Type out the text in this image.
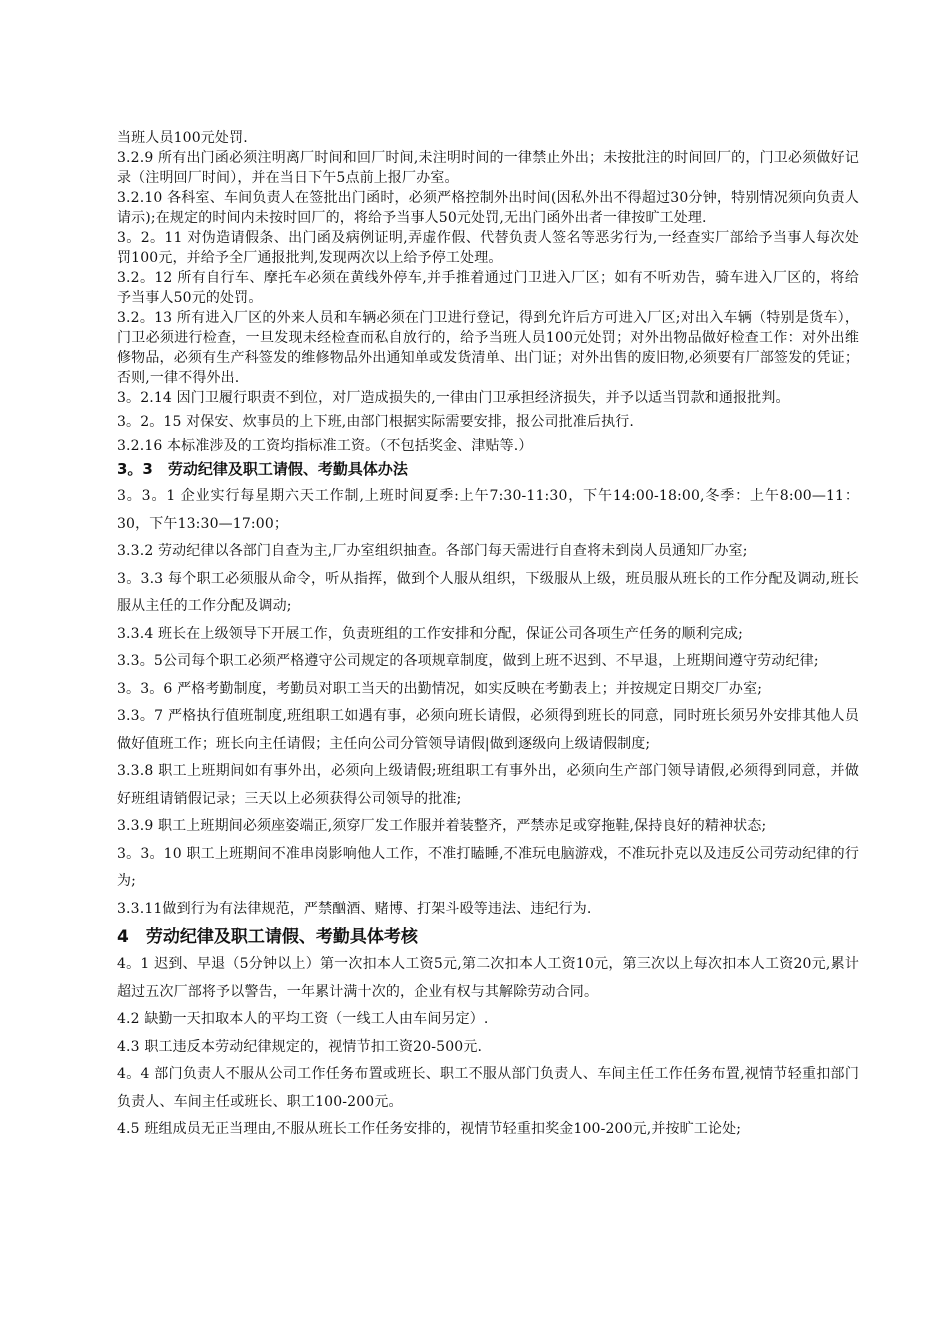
当班人员100元处罚.

3.2.9 所有出门函必须注明离厂时间和回厂时间,未注明时间的一律禁止外出；未按批注的时间回厂的，门卫必须做好记录（注明回厂时间），并在当日下午5点前上报厂办室。

3.2.10 各科室、车间负责人在签批出门函时，必须严格控制外出时间(因私外出不得超过30分钟，特别情况须向负责人请示);在规定的时间内未按时回厂的，将给予当事人50元处罚,无出门函外出者一律按旷工处理.

3。2。11 对伪造请假条、出门函及病例证明,弄虚作假、代替负责人签名等恶劣行为,一经查实厂部给予当事人每次处罚100元，并给予全厂通报批判,发现两次以上给予停工处理。

3.2。12 所有自行车、摩托车必须在黄线外停车,并手推着通过门卫进入厂区；如有不听劝告，骑车进入厂区的，将给予当事人50元的处罚。

3.2。13 所有进入厂区的外来人员和车辆必须在门卫进行登记，得到允许后方可进入厂区;对出入车辆（特别是货车），门卫必须进行检查，一旦发现未经检查而私自放行的，给予当班人员100元处罚；对外出物品做好检查工作：对外出维修物品，必须有生产科签发的维修物品外出通知单或发货清单、出门证；对外出售的废旧物,必须要有厂部签发的凭证；否则,一律不得外出.

3。2.14 因门卫履行职责不到位，对厂造成损失的,一律由门卫承担经济损失，并予以适当罚款和通报批判。

3。2。15 对保安、炊事员的上下班,由部门根据实际需要安排，报公司批准后执行.

3.2.16 本标准涉及的工资均指标准工资。（不包括奖金、津贴等.）

3。3　劳动纪律及职工请假、考勤具体办法

3。3。1 企业实行每星期六天工作制,上班时间夏季:上午7:30-11:30，下午14:00-18:00,冬季：上午8:00—11：30，下午13:30—17:00；

3.3.2 劳动纪律以各部门自查为主,厂办室组织抽查。各部门每天需进行自查将未到岗人员通知厂办室;

3。3.3 每个职工必须服从命令，听从指挥，做到个人服从组织，下级服从上级，班员服从班长的工作分配及调动,班长服从主任的工作分配及调动;

3.3.4 班长在上级领导下开展工作，负责班组的工作安排和分配，保证公司各项生产任务的顺利完成;

3.3。5公司每个职工必须严格遵守公司规定的各项规章制度，做到上班不迟到、不早退，上班期间遵守劳动纪律;

3。3。6 严格考勤制度，考勤员对职工当天的出勤情况，如实反映在考勤表上；并按规定日期交厂办室;

3.3。7 严格执行值班制度,班组职工如遇有事，必须向班长请假，必须得到班长的同意，同时班长须另外安排其他人员做好值班工作；班长向主任请假；主任向公司分管领导请假|做到逐级向上级请假制度;

3.3.8 职工上班期间如有事外出，必须向上级请假;班组职工有事外出，必须向生产部门领导请假,必须得到同意，并做好班组请销假记录；三天以上必须获得公司领导的批准;

3.3.9 职工上班期间必须座姿端正,须穿厂发工作服并着装整齐，严禁赤足或穿拖鞋,保持良好的精神状态;

3。3。10 职工上班期间不准串岗影响他人工作，不准打瞌睡,不准玩电脑游戏，不准玩扑克以及违反公司劳动纪律的行为;

3.3.11做到行为有法律规范，严禁酗酒、赌博、打架斗殴等违法、违纪行为.

4　劳动纪律及职工请假、考勤具体考核

4。1 迟到、早退（5分钟以上）第一次扣本人工资5元,第二次扣本人工资10元，第三次以上每次扣本人工资20元,累计超过五次厂部将予以警告，一年累计满十次的，企业有权与其解除劳动合同。

4.2 缺勤一天扣取本人的平均工资（一线工人由车间另定）.

4.3 职工违反本劳动纪律规定的，视情节扣工资20-500元.

4。4 部门负责人不服从公司工作任务布置或班长、职工不服从部门负责人、车间主任工作任务布置,视情节轻重扣部门负责人、车间主任或班长、职工100-200元。

4.5 班组成员无正当理由,不服从班长工作任务安排的，视情节轻重扣奖金100-200元,并按旷工论处;
